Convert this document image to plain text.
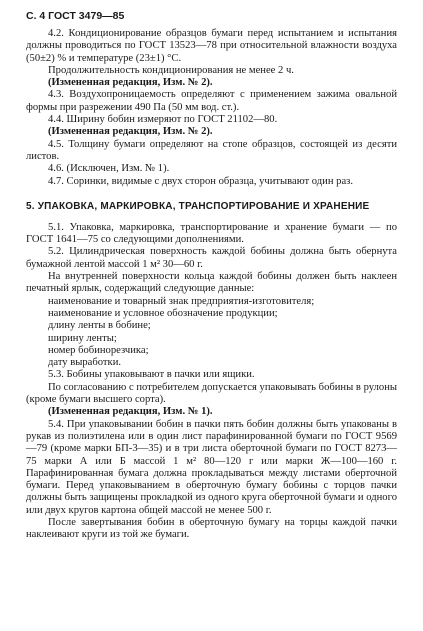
С. 4 ГОСТ 3479—85

4.2. Кондиционирование образцов бумаги перед испытанием и испытания должны проводиться по ГОСТ 13523—78 при относительной влажности воздуха (50±2) % и температуре (23±1) °С.

Продолжительность кондиционирования не менее 2 ч.

(Измененная редакция, Изм. № 2).

4.3. Воздухопроницаемость определяют с применением зажима овальной формы при разрежении 490 Па (50 мм вод. ст.).

4.4. Ширину бобин измеряют по ГОСТ 21102—80.

(Измененная редакция, Изм. № 2).

4.5. Толщину бумаги определяют на стопе образцов, состоящей из десяти листов.

4.6. (Исключен, Изм. № 1).

4.7. Соринки, видимые с двух сторон образца, учитывают один раз.

5. УПАКОВКА, МАРКИРОВКА, ТРАНСПОРТИРОВАНИЕ И ХРАНЕНИЕ

5.1. Упаковка, маркировка, транспортирование и хранение бумаги — по ГОСТ 1641—75 со следующими дополнениями.

5.2. Цилиндрическая поверхность каждой бобины должна быть обернута бумажной лентой массой 1 м² 30—60 г.

На внутренней поверхности кольца каждой бобины должен быть наклеен печатный ярлык, содержащий следующие данные:

наименование и товарный знак предприятия-изготовителя;

наименование и условное обозначение продукции;

длину ленты в бобине;

ширину ленты;

номер бобинорезчика;

дату выработки.

5.3. Бобины упаковывают в пачки или ящики.

По согласованию с потребителем допускается упаковывать бобины в рулоны (кроме бумаги высшего сорта).

(Измененная редакция, Изм. № 1).

5.4. При упаковывании бобин в пачки пять бобин должны быть упакованы в рукав из полиэтилена или в один лист парафинированной бумаги по ГОСТ 9569—79 (кроме марки БП-3—35) и в три листа оберточной бумаги по ГОСТ 8273—75 марки А или Б массой 1 м² 80—120 г или марки Ж—100—160 г. Парафинированная бумага должна прокладываться между листами оберточной бумаги. Перед упаковыванием в оберточную бумагу бобины с торцов пачки должны быть защищены прокладкой из одного круга оберточной бумаги и одного или двух кругов картона общей массой не менее 500 г.

После завертывания бобин в оберточную бумагу на торцы каждой пачки наклеивают круги из той же бумаги.
